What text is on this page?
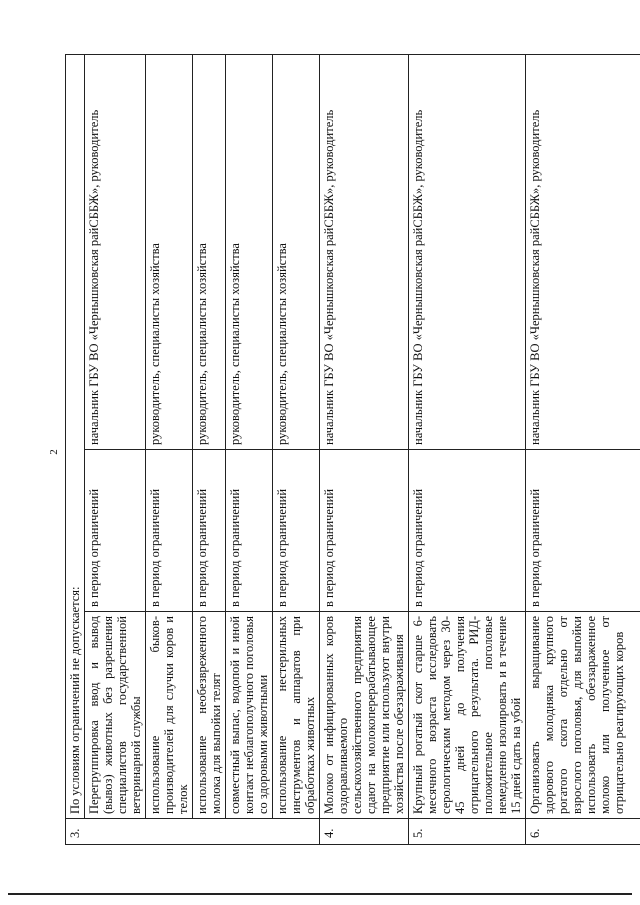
2
3.	По условиям ограничений не допускается:		
	Перегруппировка ввод и вывод (вывоз) животных без разрешения специалистов государственной ветеринарной службы	в период ограничений	начальник ГБУ ВО «Чернышковская райСББЖ», руководитель
	использование быков-производителей для случки коров и телок	в период ограничений	руководитель, специалисты хозяйства
	использование необезвреженного молока для выпойки телят	в период ограничений	руководитель, специалисты хозяйства
	совместный выпас, водопой и иной контакт неблагополучного поголовья со здоровыми животными	в период ограничений	руководитель, специалисты хозяйства
	использование нестерильных инструментов и аппаратов при обработках животных	в период ограничений	руководитель, специалисты хозяйства
4.	Молоко от инфицированных коров оздоравливаемого сельскохозяйственного предприятия сдают на молокоперерабатывающее предприятие или используют внутри хозяйства после обеззараживания	в период ограничений	начальник ГБУ ВО «Чернышковская райСББЖ», руководитель
5.	Крупный рогатый скот старше 6-месячного возраста исследовать серологическим методом через 30-45 дней до получения отрицательного результата. РИД-положительное поголовье немедленно изолировать и в течение 15 дней сдать на убой	в период ограничений	начальник ГБУ ВО «Чернышковская райСББЖ», руководитель
6.	Организовать выращивание здорового молодняка крупного рогатого скота отдельно от взрослого поголовья, для выпойки использовать обеззараженное молоко или полученное от отрицательно реагирующих коров	в период ограничений	начальник ГБУ ВО «Чернышковская райСББЖ», руководитель
